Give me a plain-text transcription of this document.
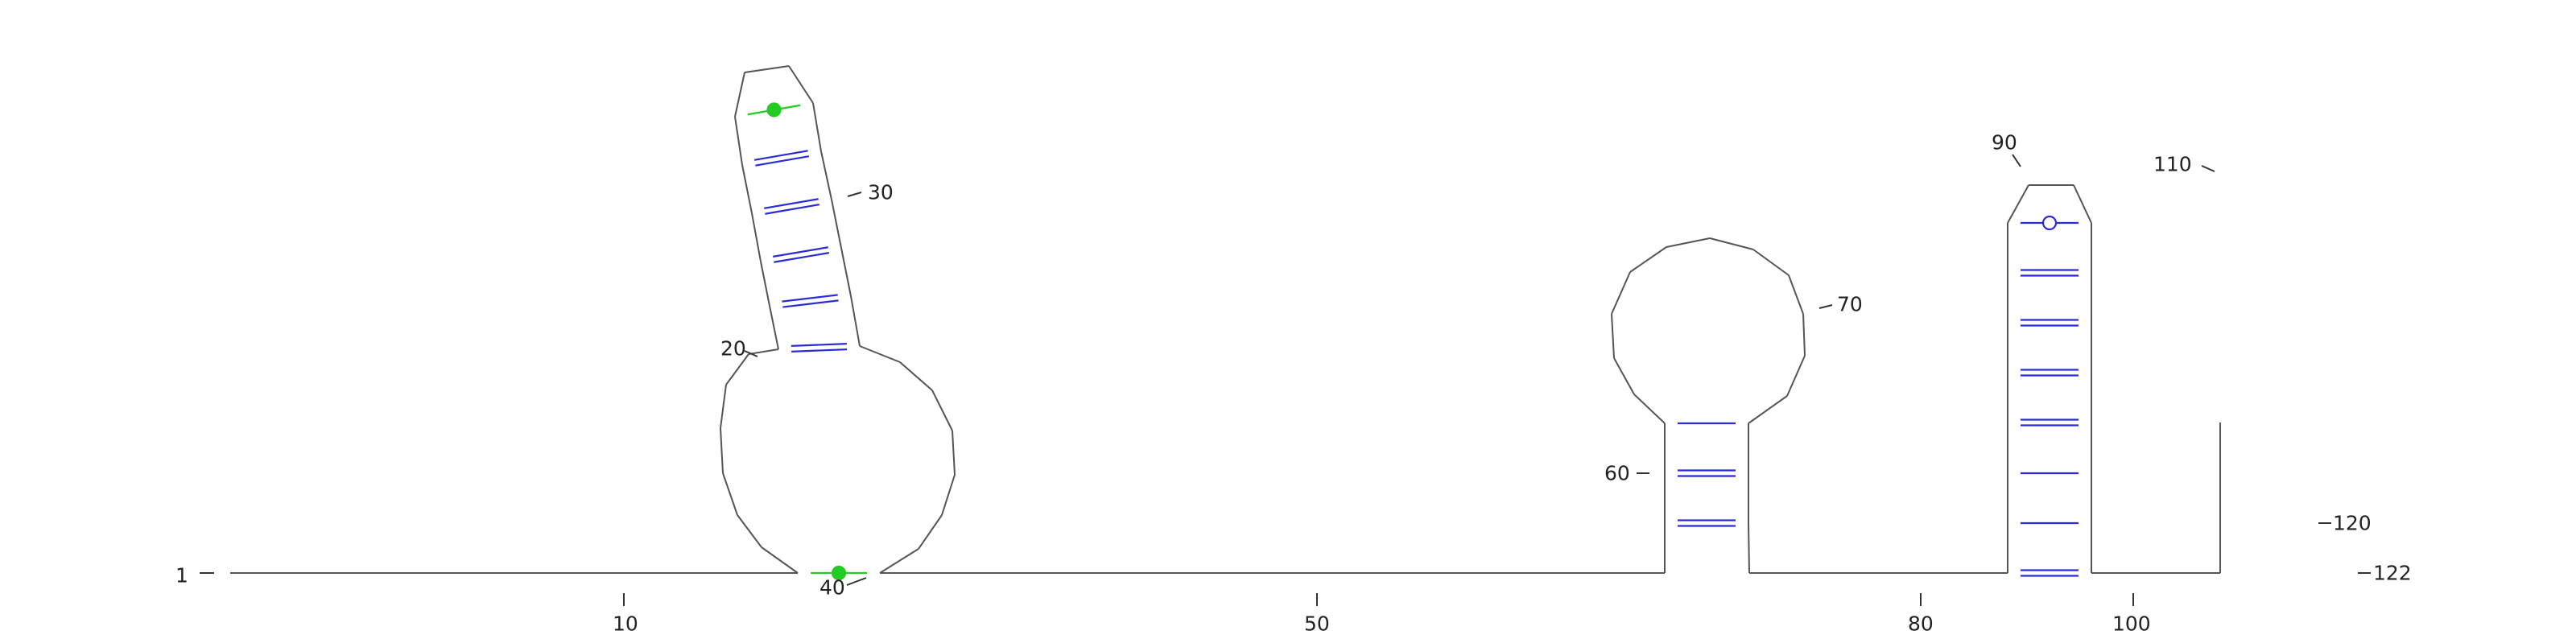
1
10
20
30
40
50
60
70
80
90
100
110
120
122
